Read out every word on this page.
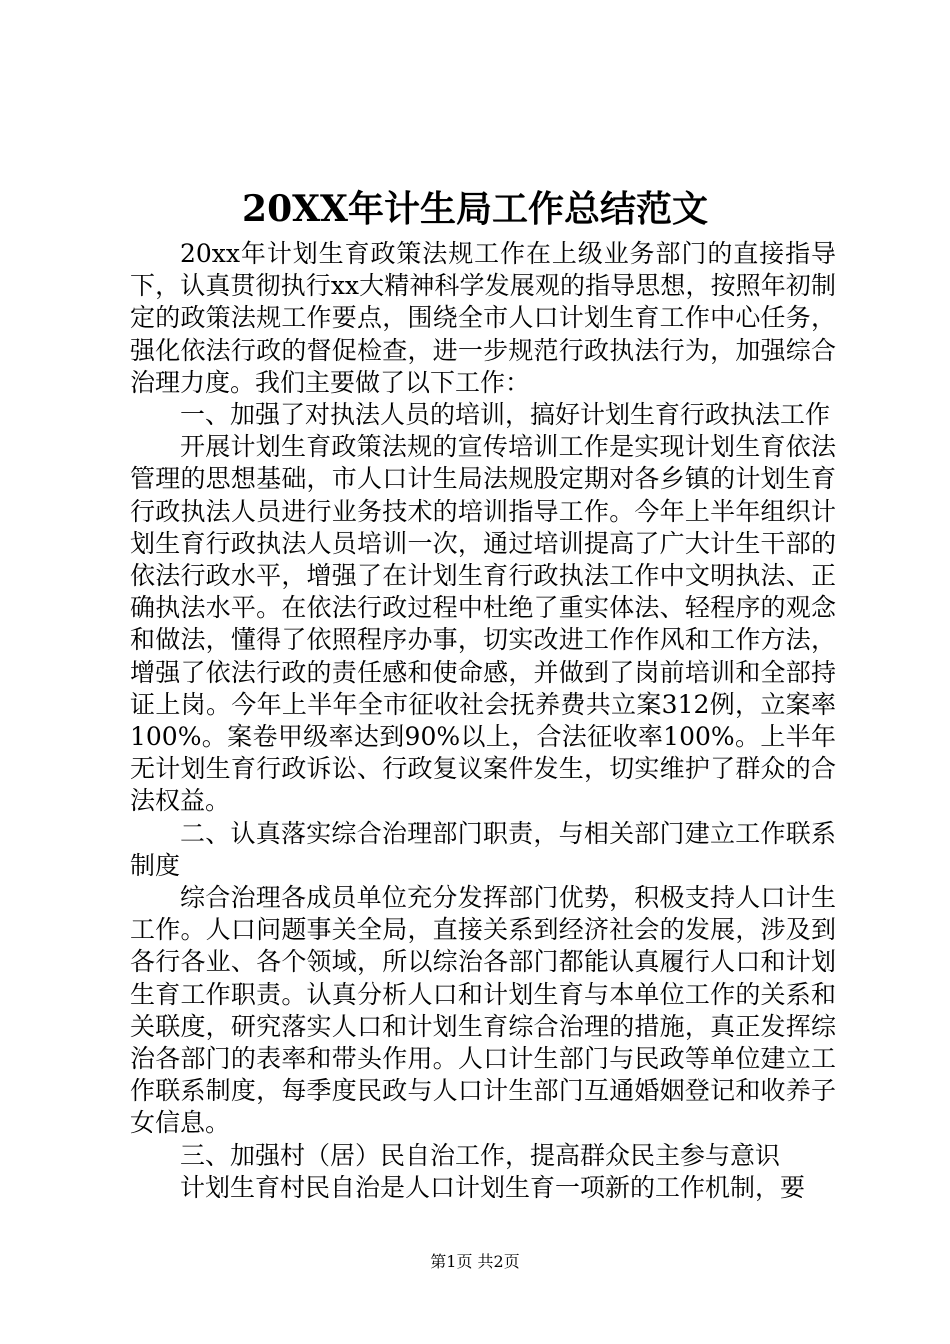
20XX年计生局工作总结范文

20xx年计划生育政策法规工作在上级业务部门的直接指导下，认真贯彻执行xx大精神科学发展观的指导思想，按照年初制定的政策法规工作要点，围绕全市人口计划生育工作中心任务，强化依法行政的督促检查，进一步规范行政执法行为，加强综合治理力度。我们主要做了以下工作：

一、加强了对执法人员的培训，搞好计划生育行政执法工作

开展计划生育政策法规的宣传培训工作是实现计划生育依法管理的思想基础，市人口计生局法规股定期对各乡镇的计划生育行政执法人员进行业务技术的培训指导工作。今年上半年组织计划生育行政执法人员培训一次，通过培训提高了广大计生干部的依法行政水平，增强了在计划生育行政执法工作中文明执法、正确执法水平。在依法行政过程中杜绝了重实体法、轻程序的观念和做法，懂得了依照程序办事，切实改进工作作风和工作方法，增强了依法行政的责任感和使命感，并做到了岗前培训和全部持证上岗。今年上半年全市征收社会抚养费共立案312例，立案率100%。案卷甲级率达到90%以上，合法征收率100%。上半年无计划生育行政诉讼、行政复议案件发生，切实维护了群众的合法权益。

二、认真落实综合治理部门职责，与相关部门建立工作联系制度

综合治理各成员单位充分发挥部门优势，积极支持人口计生工作。人口问题事关全局，直接关系到经济社会的发展，涉及到各行各业、各个领域，所以综治各部门都能认真履行人口和计划生育工作职责。认真分析人口和计划生育与本单位工作的关系和关联度，研究落实人口和计划生育综合治理的措施，真正发挥综治各部门的表率和带头作用。人口计生部门与民政等单位建立工作联系制度，每季度民政与人口计生部门互通婚姻登记和收养子女信息。

三、加强村（居）民自治工作，提高群众民主参与意识

计划生育村民自治是人口计划生育一项新的工作机制，要

第1页 共2页
